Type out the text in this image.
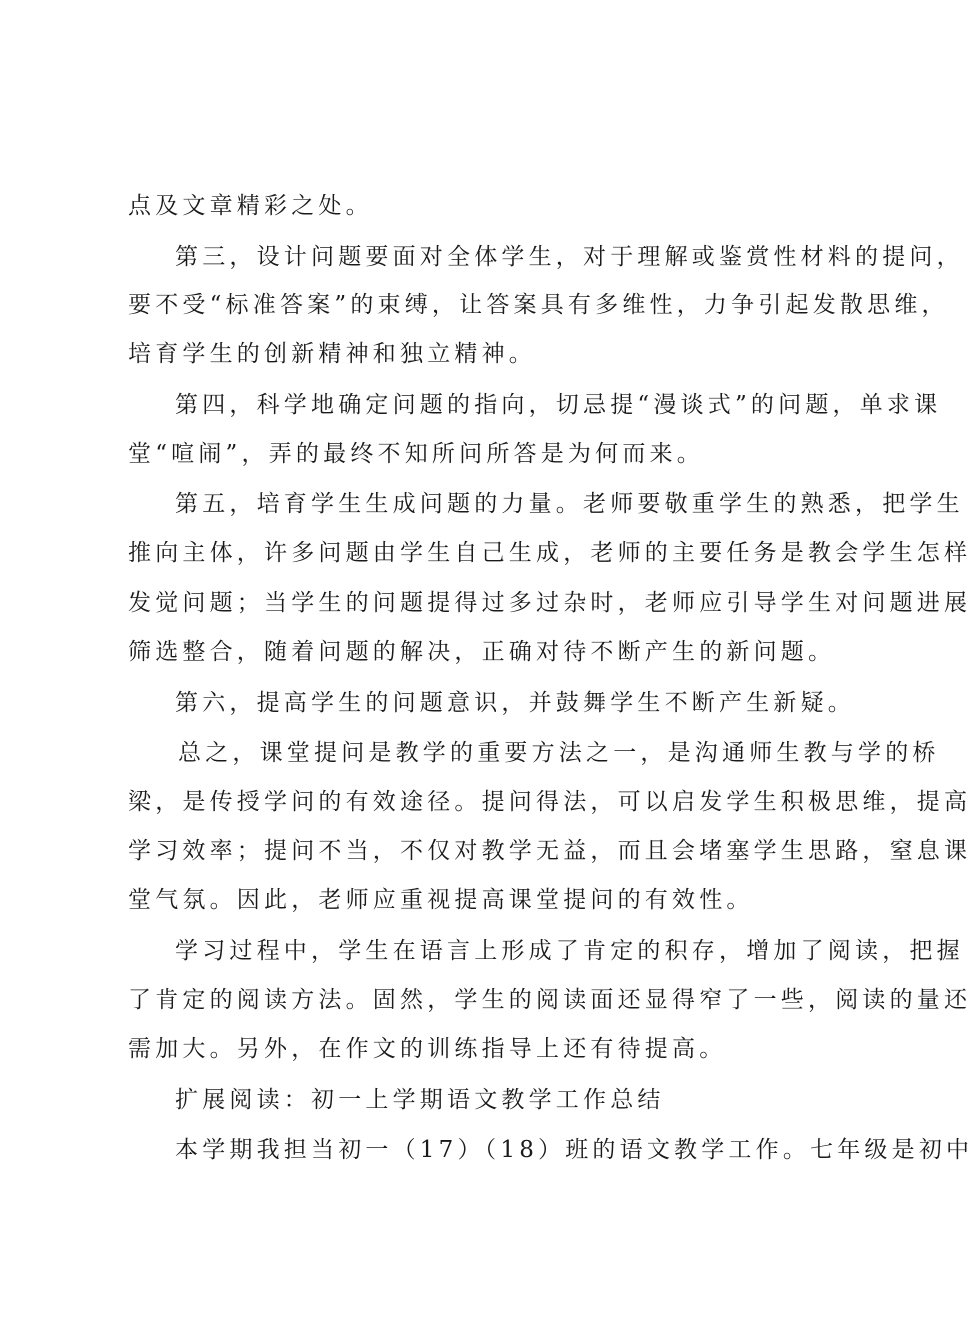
点及文章精彩之处。
第三，设计问题要面对全体学生，对于理解或鉴赏性材料的提问，
要不受“标准答案”的束缚，让答案具有多维性，力争引起发散思维，
培育学生的创新精神和独立精神。
第四，科学地确定问题的指向，切忌提“漫谈式”的问题，单求课
堂“喧闹”，弄的最终不知所问所答是为何而来。
第五，培育学生生成问题的力量。老师要敬重学生的熟悉，把学生
推向主体，许多问题由学生自己生成，老师的主要任务是教会学生怎样
发觉问题；当学生的问题提得过多过杂时，老师应引导学生对问题进展
筛选整合，随着问题的解决，正确对待不断产生的新问题。
第六，提高学生的问题意识，并鼓舞学生不断产生新疑。
总之，课堂提问是教学的重要方法之一，是沟通师生教与学的桥
梁，是传授学问的有效途径。提问得法，可以启发学生积极思维，提高
学习效率；提问不当，不仅对教学无益，而且会堵塞学生思路，窒息课
堂气氛。因此，老师应重视提高课堂提问的有效性。
学习过程中，学生在语言上形成了肯定的积存，增加了阅读，把握
了肯定的阅读方法。固然，学生的阅读面还显得窄了一些，阅读的量还
需加大。另外，在作文的训练指导上还有待提高。
扩展阅读：初一上学期语文教学工作总结
本学期我担当初一（17）（18）班的语文教学工作。七年级是初中
